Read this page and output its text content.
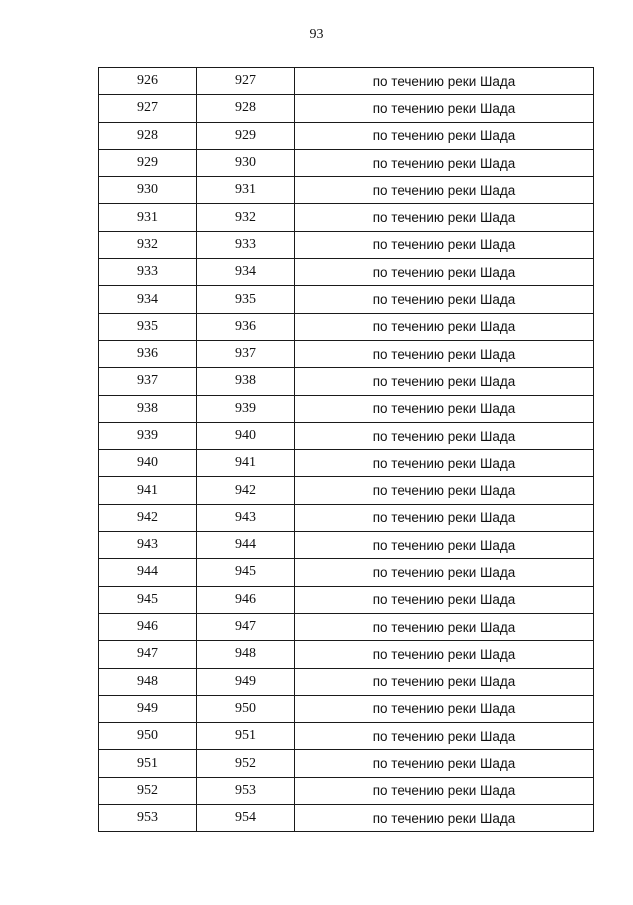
93
926	927	по течению реки Шада
927	928	по течению реки Шада
928	929	по течению реки Шада
929	930	по течению реки Шада
930	931	по течению реки Шада
931	932	по течению реки Шада
932	933	по течению реки Шада
933	934	по течению реки Шада
934	935	по течению реки Шада
935	936	по течению реки Шада
936	937	по течению реки Шада
937	938	по течению реки Шада
938	939	по течению реки Шада
939	940	по течению реки Шада
940	941	по течению реки Шада
941	942	по течению реки Шада
942	943	по течению реки Шада
943	944	по течению реки Шада
944	945	по течению реки Шада
945	946	по течению реки Шада
946	947	по течению реки Шада
947	948	по течению реки Шада
948	949	по течению реки Шада
949	950	по течению реки Шада
950	951	по течению реки Шада
951	952	по течению реки Шада
952	953	по течению реки Шада
953	954	по течению реки Шада
